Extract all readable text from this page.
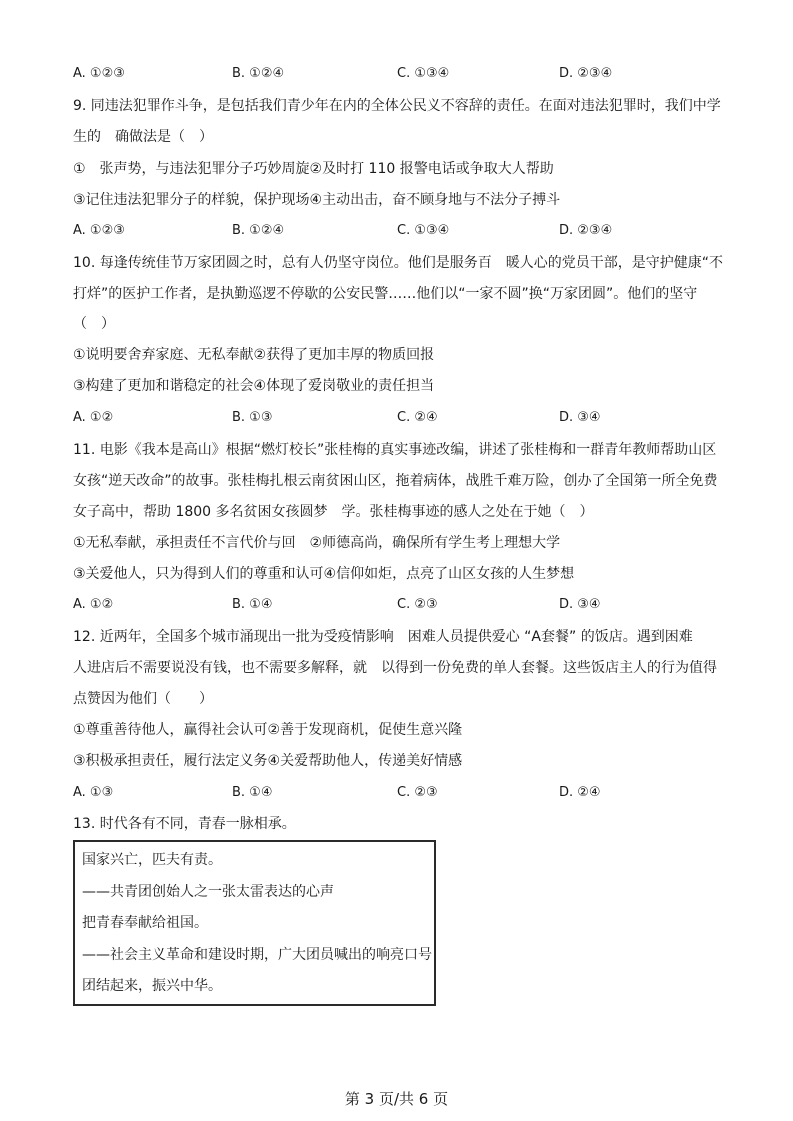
A. ①②③	B. ①②④	C. ①③④	D. ②③④
9. 同违法犯罪作斗争，是包括我们青少年在内的全体公民义不容辞的责任。在面对违法犯罪时，我们中学
生的　确做法是（　）
①　张声势，与违法犯罪分子巧妙周旋②及时打 110 报警电话或争取大人帮助
③记住违法犯罪分子的样貌，保护现场④主动出击，奋不顾身地与不法分子搏斗
A. ①②③	B. ①②④	C. ①③④	D. ②③④
10. 每逢传统佳节万家团圆之时，总有人仍坚守岗位。他们是服务百　暖人心的党员干部，是守护健康“不
打烊”的医护工作者，是执勤巡逻不停歇的公安民警……他们以“一家不圆”换“万家团圆”。他们的坚守
（　）
①说明要舍弃家庭、无私奉献②获得了更加丰厚的物质回报
③构建了更加和谐稳定的社会④体现了爱岗敬业的责任担当
A. ①②	B. ①③	C. ②④	D. ③④
11. 电影《我本是高山》根据“燃灯校长”张桂梅的真实事迹改编，讲述了张桂梅和一群青年教师帮助山区
女孩“逆天改命”的故事。张桂梅扎根云南贫困山区，拖着病体，战胜千难万险，创办了全国第一所全免费
女子高中，帮助 1800 多名贫困女孩圆梦　学。张桂梅事迹的感人之处在于她（　）
①无私奉献，承担责任不言代价与回　②师德高尚，确保所有学生考上理想大学
③关爱他人，只为得到人们的尊重和认可④信仰如炬，点亮了山区女孩的人生梦想
A. ①②	B. ①④	C. ②③	D. ③④
12. 近两年，全国多个城市涌现出一批为受疫情影响　困难人员提供爱心 “A套餐” 的饭店。遇到困难
人进店后不需要说没有钱，也不需要多解释，就　以得到一份免费的单人套餐。这些饭店主人的行为值得
点赞因为他们（　　）
①尊重善待他人，赢得社会认可②善于发现商机，促使生意兴隆
③积极承担责任，履行法定义务④关爱帮助他人，传递美好情感
A. ①③	B. ①④	C. ②③	D. ②④
13. 时代各有不同，青春一脉相承。
国家兴亡，匹夫有责。
——共青团创始人之一张太雷表达的心声
把青春奉献给祖国。
——社会主义革命和建设时期，广大团员喊出的响亮口号
团结起来，振兴中华。
第 3 页/共 6 页
